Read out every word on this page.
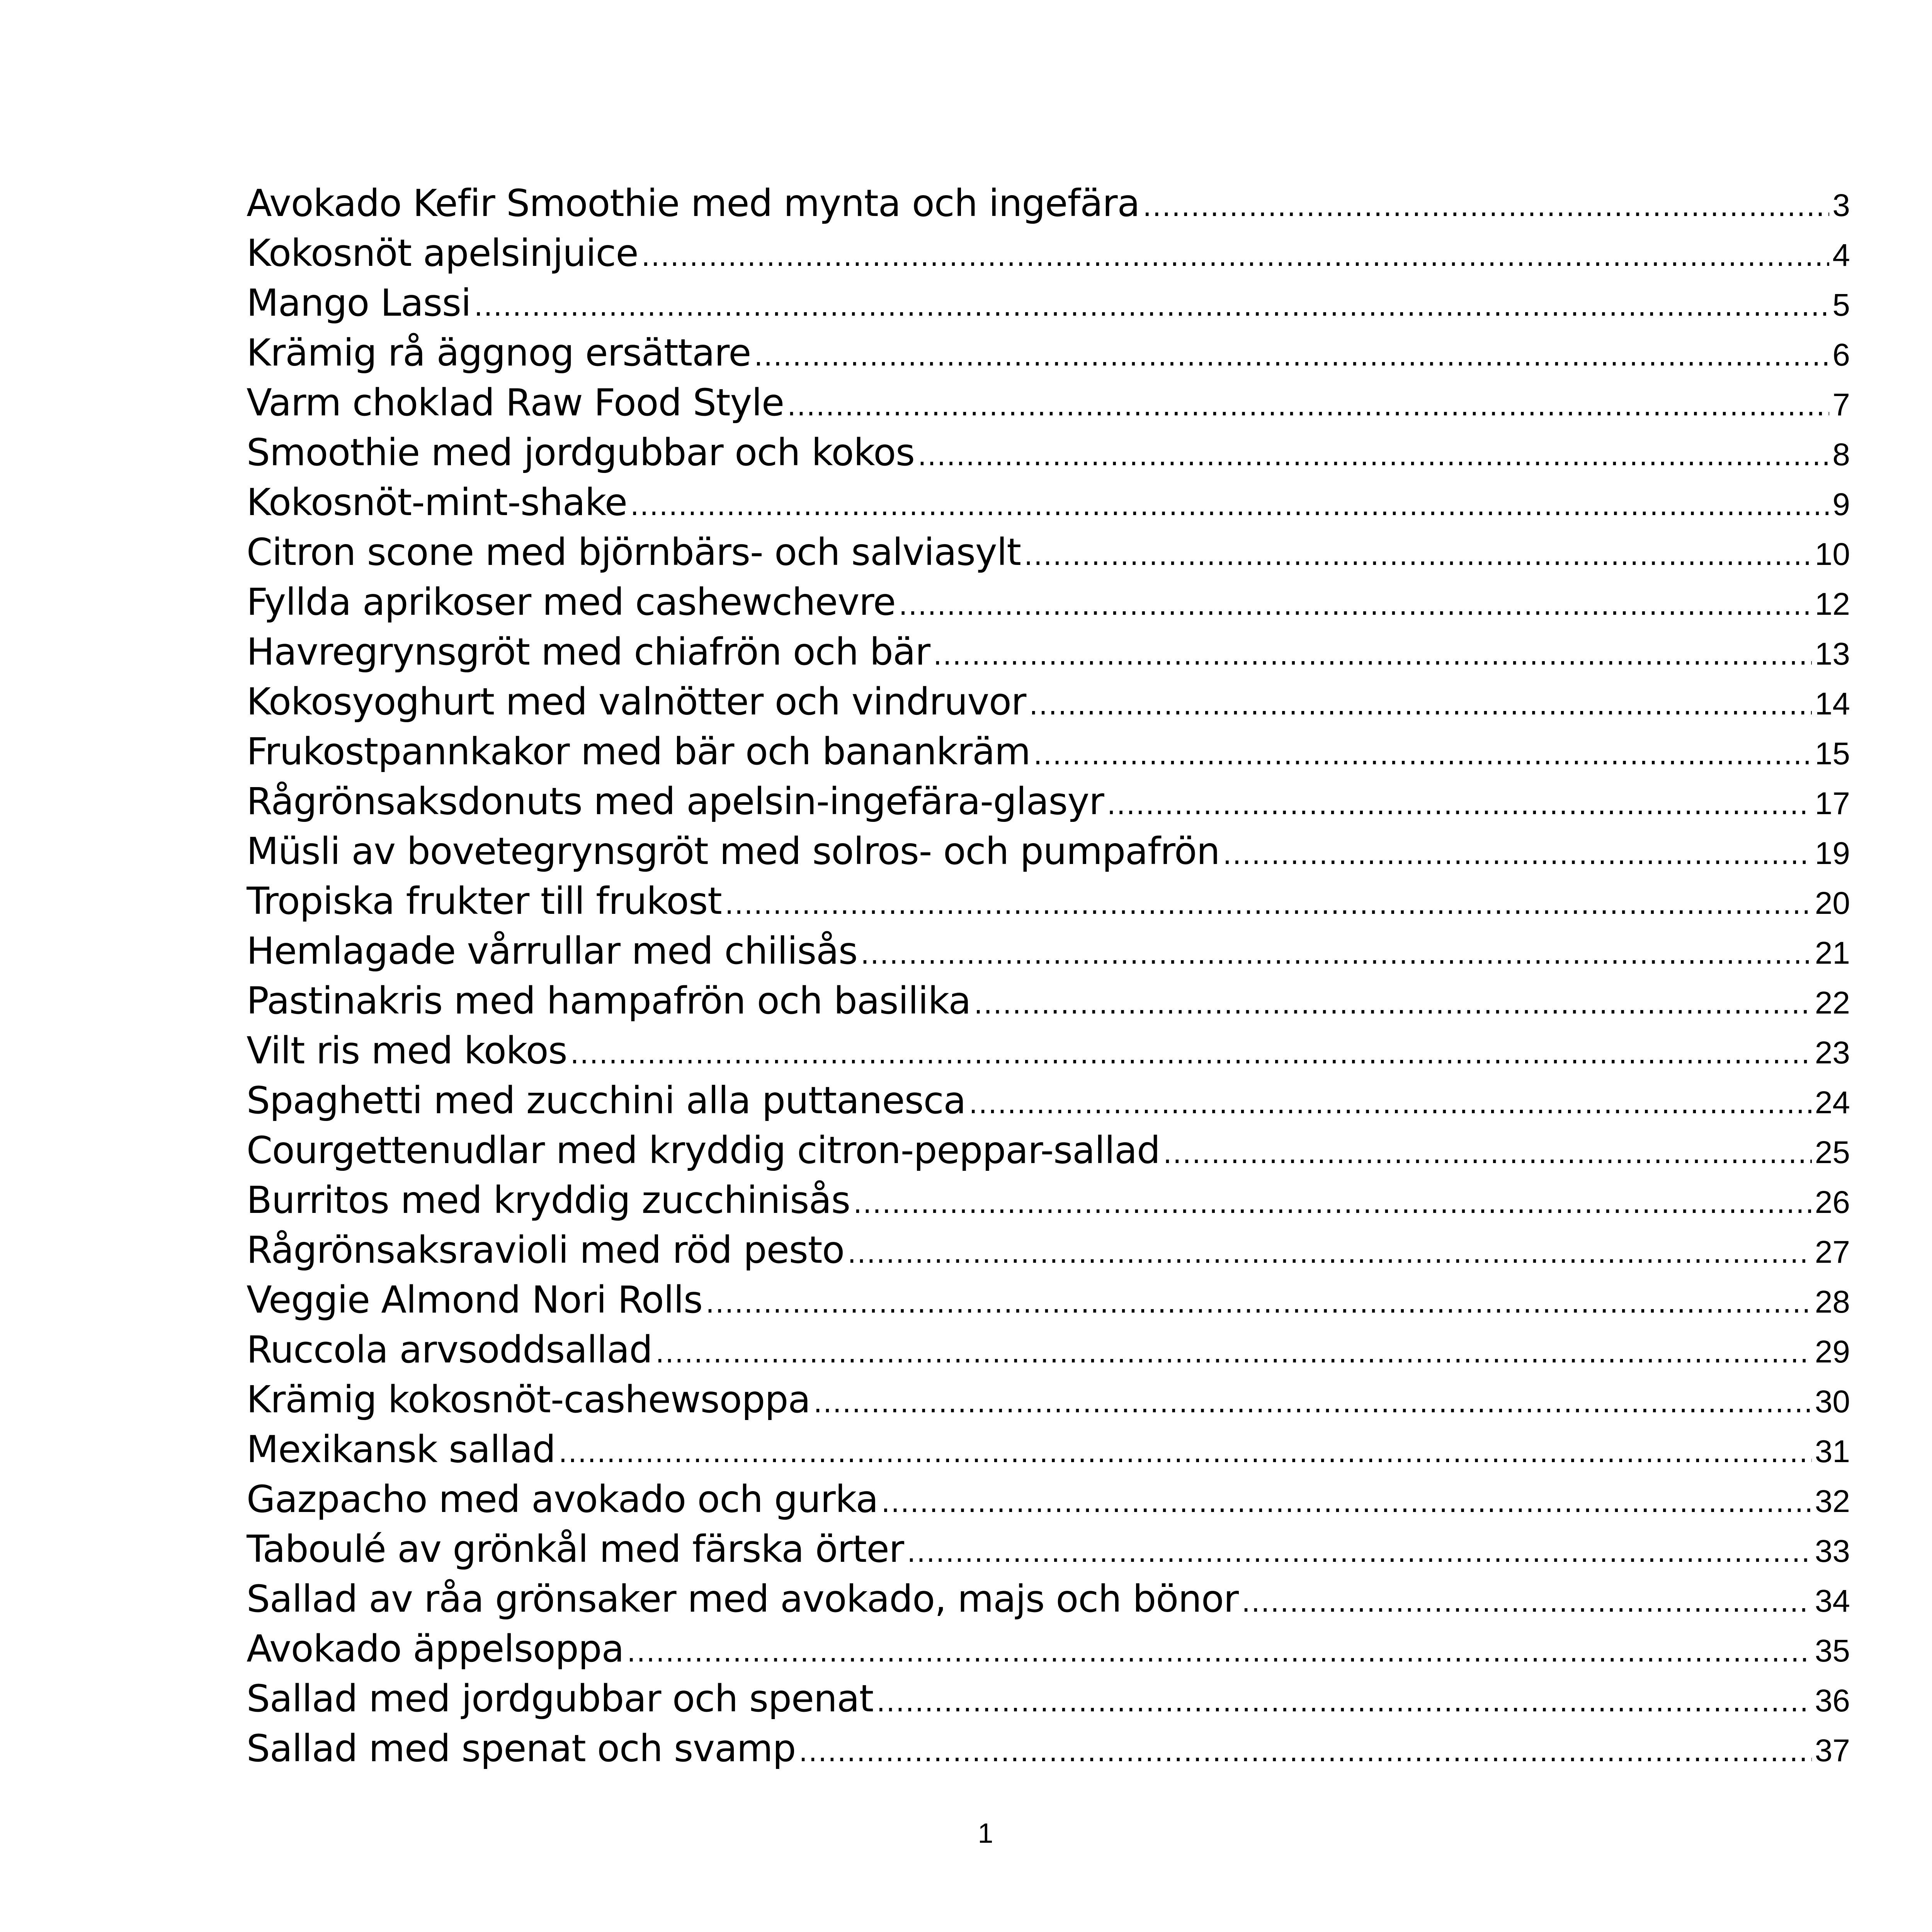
Avokado Kefir Smoothie med mynta och ingefära .....	3
Kokosnöt apelsinjuice .....	4
Mango Lassi .....	5
Krämig rå äggnog ersättare .....	6
Varm choklad Raw Food Style .....	7
Smoothie med jordgubbar och kokos .....	8
Kokosnöt-mint-shake .....	9
Citron scone med björnbärs- och salviasylt .....	10
Fyllda aprikoser med cashewchevre .....	12
Havregrynsgröt med chiafrön och bär .....	13
Kokosyoghurt med valnötter och vindruvor .....	14
Frukostpannkakor med bär och banankräm .....	15
Rågrönsaksdonuts med apelsin-ingefära-glasyr .....	17
Müsli av bovetegrynsgröt med solros- och pumpafrön .....	19
Tropiska frukter till frukost .....	20
Hemlagade vårrullar med chilisås .....	21
Pastinakris med hampafrön och basilika .....	22
Vilt ris med kokos .....	23
Spaghetti med zucchini alla puttanesca .....	24
Courgettenudlar med kryddig citron-peppar-sallad .....	25
Burritos med kryddig zucchinisås .....	26
Rågrönsaksravioli med röd pesto .....	27
Veggie Almond Nori Rolls .....	28
Ruccola arvsoddsallad .....	29
Krämig kokosnöt-cashewsoppa .....	30
Mexikansk sallad .....	31
Gazpacho med avokado och gurka .....	32
Taboulé av grönkål med färska örter .....	33
Sallad av råa grönsaker med avokado, majs och bönor .....	34
Avokado äppelsoppa .....	35
Sallad med jordgubbar och spenat .....	36
Sallad med spenat och svamp .....	37
1
